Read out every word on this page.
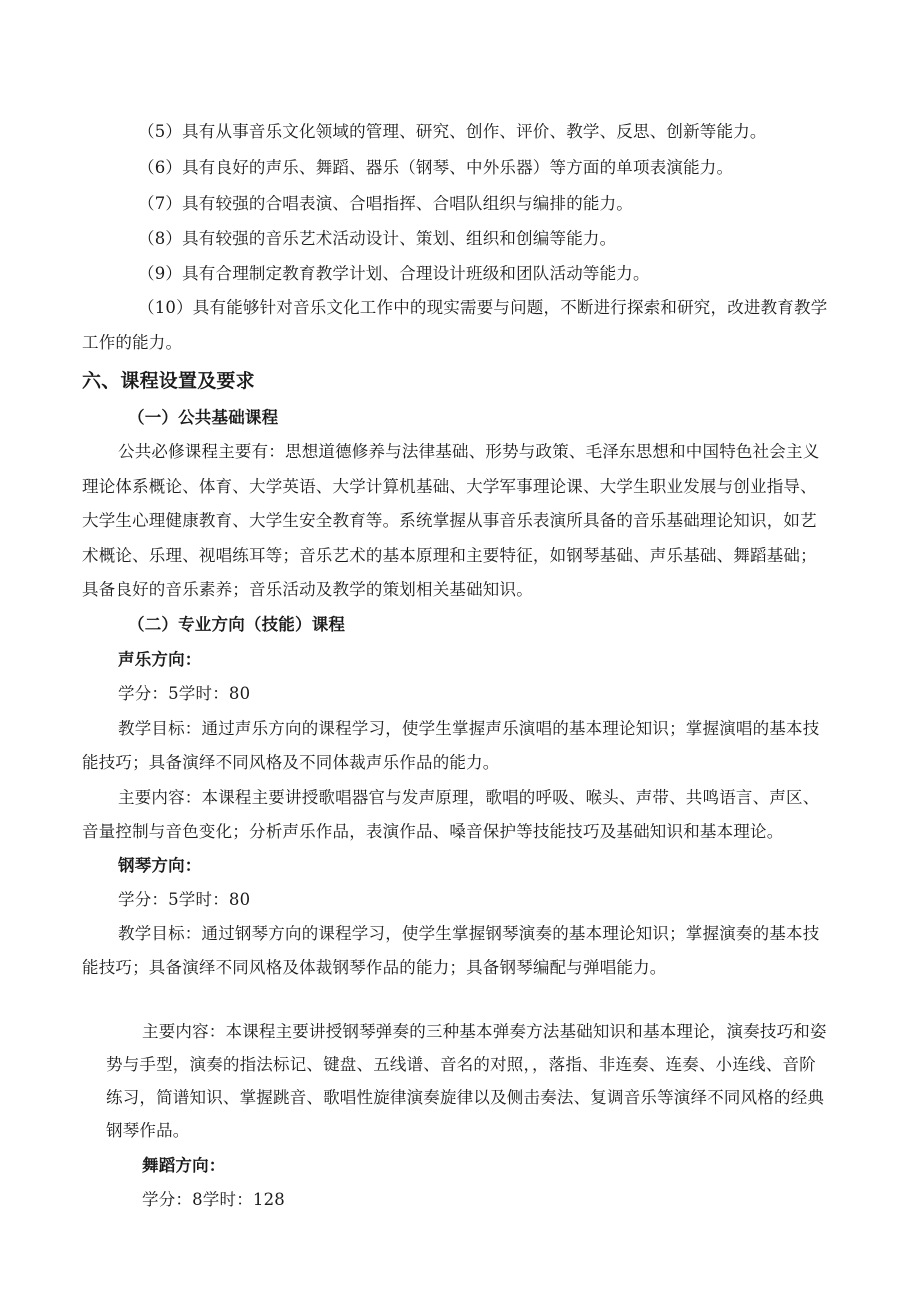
（5）具有从事音乐文化领域的管理、研究、创作、评价、教学、反思、创新等能力。
（6）具有良好的声乐、舞蹈、器乐（钢琴、中外乐器）等方面的单项表演能力。
（7）具有较强的合唱表演、合唱指挥、合唱队组织与编排的能力。
（8）具有较强的音乐艺术活动设计、策划、组织和创编等能力。
（9）具有合理制定教育教学计划、合理设计班级和团队活动等能力。
（10）具有能够针对音乐文化工作中的现实需要与问题，不断进行探索和研究，改进教育教学
工作的能力。
六、课程设置及要求
（一）公共基础课程
公共必修课程主要有：思想道德修养与法律基础、形势与政策、毛泽东思想和中国特色社会主义
理论体系概论、体育、大学英语、大学计算机基础、大学军事理论课、大学生职业发展与创业指导、
大学生心理健康教育、大学生安全教育等。系统掌握从事音乐表演所具备的音乐基础理论知识，如艺
术概论、乐理、视唱练耳等；音乐艺术的基本原理和主要特征，如钢琴基础、声乐基础、舞蹈基础；
具备良好的音乐素养；音乐活动及教学的策划相关基础知识。
（二）专业方向（技能）课程
声乐方向：
学分：5学时：80
教学目标：通过声乐方向的课程学习，使学生掌握声乐演唱的基本理论知识；掌握演唱的基本技
能技巧；具备演绎不同风格及不同体裁声乐作品的能力。
主要内容：本课程主要讲授歌唱器官与发声原理，歌唱的呼吸、喉头、声带、共鸣语言、声区、
音量控制与音色变化；分析声乐作品，表演作品、嗓音保护等技能技巧及基础知识和基本理论。
钢琴方向：
学分：5学时：80
教学目标：通过钢琴方向的课程学习，使学生掌握钢琴演奏的基本理论知识；掌握演奏的基本技
能技巧；具备演绎不同风格及体裁钢琴作品的能力；具备钢琴编配与弹唱能力。
主要内容：本课程主要讲授钢琴弹奏的三种基本弹奏方法基础知识和基本理论，演奏技巧和姿
势与手型，演奏的指法标记、键盘、五线谱、音名的对照，，落指、非连奏、连奏、小连线、音阶
练习，简谱知识、掌握跳音、歌唱性旋律演奏旋律以及侧击奏法、复调音乐等演绎不同风格的经典
钢琴作品。
舞蹈方向：
学分：8学时：128
